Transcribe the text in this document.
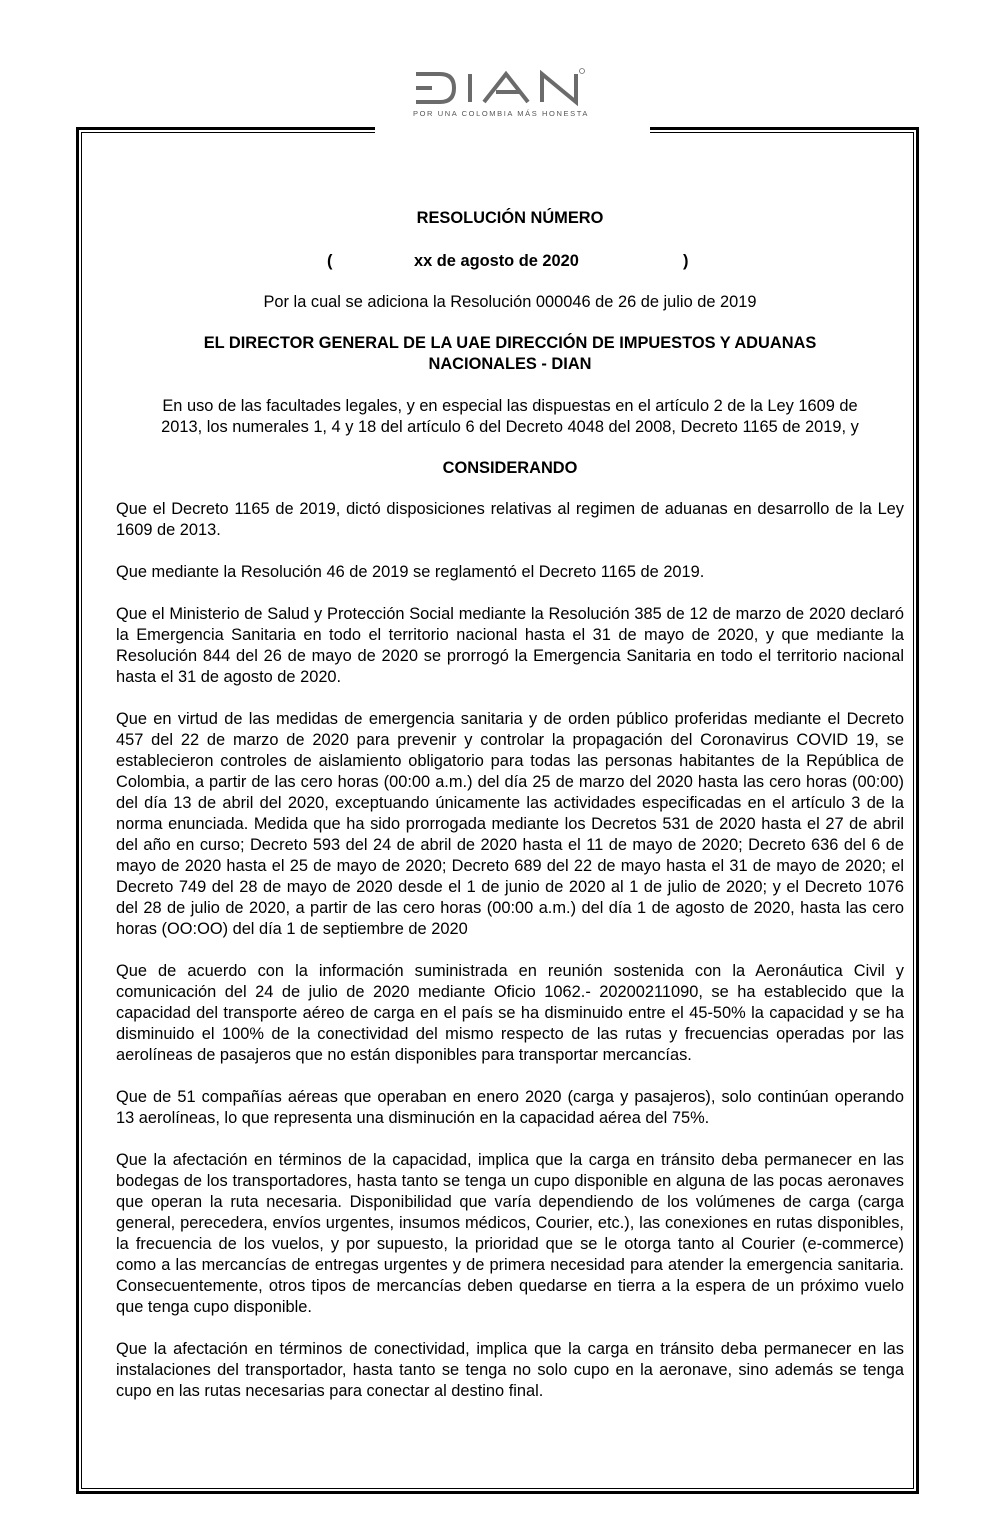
POR UNA COLOMBIA MÁS HONESTA
RESOLUCIÓN NÚMERO
(	xx de agosto de 2020	)
Por la cual se adiciona la Resolución 000046 de 26 de julio de 2019
EL DIRECTOR GENERAL DE LA UAE DIRECCIÓN DE IMPUESTOS Y ADUANAS
NACIONALES - DIAN
En uso de las facultades legales, y en especial las dispuestas en el artículo 2 de la Ley 1609 de
2013, los numerales 1, 4 y 18 del artículo 6 del Decreto 4048 del 2008, Decreto 1165 de 2019, y
CONSIDERANDO

Que el Decreto 1165 de 2019, dictó disposiciones relativas al regimen de aduanas en desarrollo de la Ley 1609 de 2013.

Que mediante la Resolución 46 de 2019 se reglamentó el Decreto 1165 de 2019.

Que el Ministerio de Salud y Protección Social mediante la Resolución 385 de 12 de marzo de 2020 declaró la Emergencia Sanitaria en todo el territorio nacional hasta el 31 de mayo de 2020, y que mediante la Resolución 844 del 26 de mayo de 2020 se prorrogó la Emergencia Sanitaria en todo el territorio nacional hasta el 31 de agosto de 2020.

Que en virtud de las medidas de emergencia sanitaria y de orden público proferidas mediante el Decreto 457 del 22 de marzo de 2020 para prevenir y controlar la propagación del Coronavirus COVID 19, se establecieron controles de aislamiento obligatorio para todas las personas habitantes de la República de Colombia, a partir de las cero horas (00:00 a.m.) del día 25 de marzo del 2020 hasta las cero horas (00:00) del día 13 de abril del 2020, exceptuando únicamente las actividades especificadas en el artículo 3 de la norma enunciada. Medida que ha sido prorrogada mediante los Decretos 531 de 2020 hasta el 27 de abril del año en curso; Decreto 593 del 24 de abril de 2020 hasta el 11 de mayo de 2020; Decreto 636 del 6 de mayo de 2020 hasta el 25 de mayo de 2020; Decreto 689 del 22 de mayo hasta el 31 de mayo de 2020; el Decreto 749 del 28 de mayo de 2020 desde el 1 de junio de 2020 al 1 de julio de 2020; y el Decreto 1076 del 28 de julio de 2020, a partir de las cero horas (00:00 a.m.) del día 1 de agosto de 2020, hasta las cero horas (OO:OO) del día 1 de septiembre de 2020

Que de acuerdo con la información suministrada en reunión sostenida con la Aeronáutica Civil y comunicación del 24 de julio de 2020 mediante Oficio 1062.- 20200211090, se ha establecido que la capacidad del transporte aéreo de carga en el país se ha disminuido entre el 45-50% la capacidad y se ha disminuido el 100% de la conectividad del mismo respecto de las rutas y frecuencias operadas por las aerolíneas de pasajeros que no están disponibles para transportar mercancías.

Que de 51 compañías aéreas que operaban en enero 2020 (carga y pasajeros), solo continúan operando 13 aerolíneas, lo que representa una disminución en la capacidad aérea del 75%.

Que la afectación en términos de la capacidad, implica que la carga en tránsito deba permanecer en las bodegas de los transportadores, hasta tanto se tenga un cupo disponible en alguna de las pocas aeronaves que operan la ruta necesaria. Disponibilidad que varía dependiendo de los volúmenes de carga (carga general, perecedera, envíos urgentes, insumos médicos, Courier, etc.), las conexiones en rutas disponibles, la frecuencia de los vuelos, y por supuesto, la prioridad que se le otorga tanto al Courier (e-commerce) como a las mercancías de entregas urgentes y de primera necesidad para atender la emergencia sanitaria. Consecuentemente, otros tipos de mercancías deben quedarse en tierra a la espera de un próximo vuelo que tenga cupo disponible.

Que la afectación en términos de conectividad, implica que la carga en tránsito deba permanecer en las instalaciones del transportador, hasta tanto se tenga no solo cupo en la aeronave, sino además se tenga cupo en las rutas necesarias para conectar al destino final.
